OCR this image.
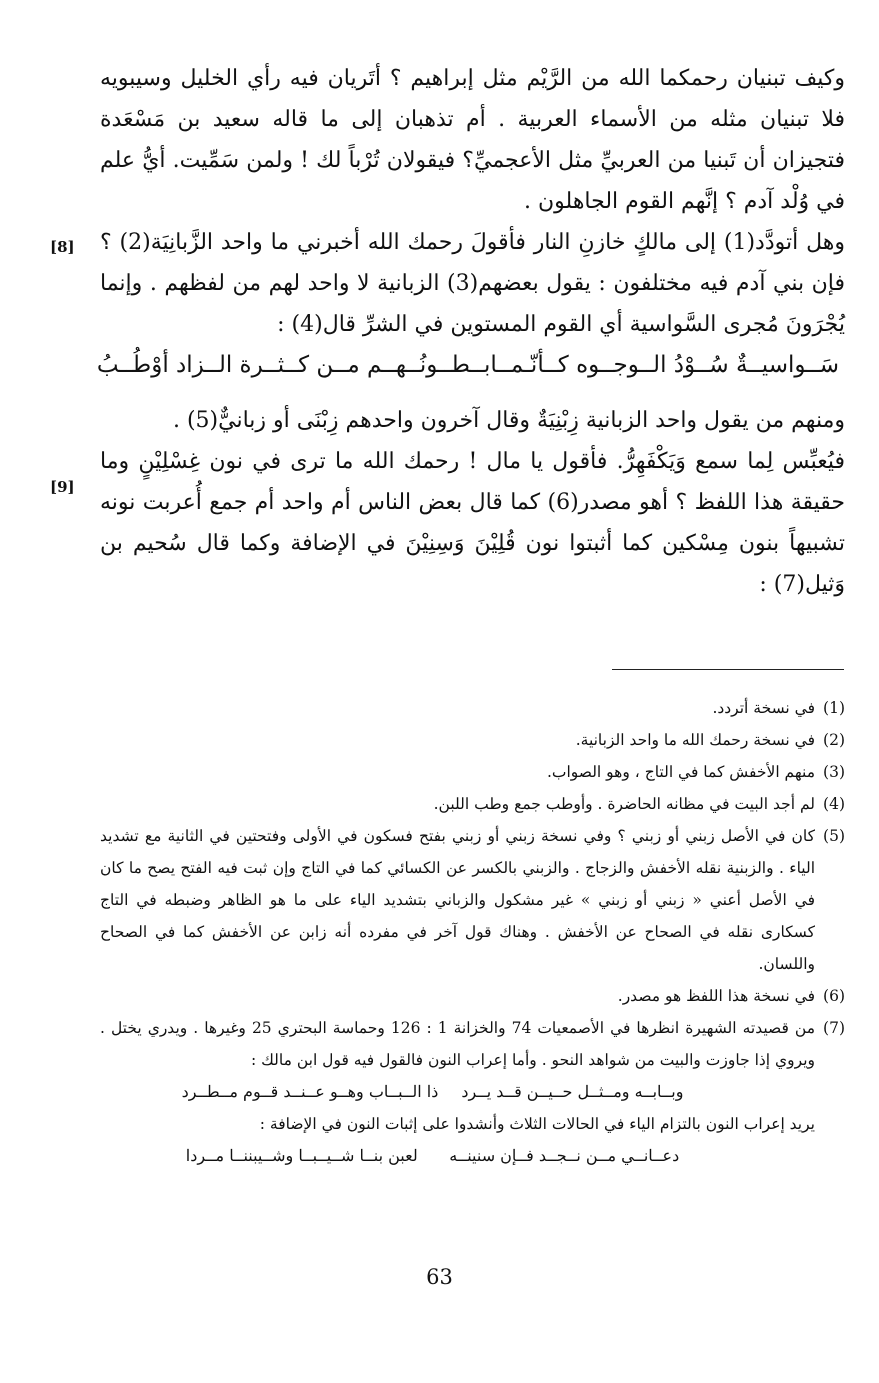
[8]
[9]

وكيف تبنيان رحمكما الله من الرَّيْم مثل إبراهيم ؟ أتَريان فيه رأي الخليل وسيبويه فلا تبنيان مثله من الأسماء العربية . أم تذهبان إلى ما قاله سعيد بن مَسْعَدة فتجيزان أن تَبنيا من العربيِّ مثل الأعجميِّ؟ فيقولان تُرْباً لك ! ولمن سَمِّيت. أيُّ علم في وُلْد آدم ؟ إنَّهم القوم الجاهلون .

وهل أتودَّد(1) إلى مالكٍ خازنِ النار فأقولَ رحمك الله أخبرني ما واحد الزَّبانِيَة(2) ؟ فإن بني آدم فيه مختلفون : يقول بعضهم(3) الزبانية لا واحد لهم من لفظهم . وإنما يُجْرَونَ مُجرى السَّواسية أي القوم المستوين في الشرِّ قال(4) :

سَــواسيــةٌ سُــوْدُ الــوجــوه كــأنّـمــا
بــطــونُــهــم مــن كــثــرة الــزاد أوْطُــبُ

ومنهم من يقول واحد الزبانية زِبْنِيَةٌ وقال آخرون واحدهم زِبْنَى أو زبانيٌّ(5) .

فيُعبِّس لِما سمع وَيَكْفَهِرُّ. فأقول يا مال ! رحمك الله ما ترى في نون غِسْلِيْنٍ وما حقيقة هذا اللفظ ؟ أهو مصدر(6) كما قال بعض الناس أم واحد أم جمع أُعربت نونه تشبيهاً بنون مِسْكين كما أثبتوا نون قُلِيْنَ وَسِنِيْنَ في الإضافة وكما قال سُحيم بن وَثيل(7) :

(1)
في نسخة أتردد.
(2)
في نسخة رحمك الله ما واحد الزبانية.
(3)
منهم الأخفش كما في التاج ، وهو الصواب.
(4)
لم أجد البيت في مظانه الحاضرة . وأوطب جمع وطب اللبن.
(5)
كان في الأصل زبني أو زبني ؟ وفي نسخة زبني أو زبني بفتح فسكون في الأولى وفتحتين في الثانية مع تشديد الياء . والزبنية نقله الأخفش والزجاج . والزبني بالكسر عن الكسائي كما في التاج وإن ثبت فيه الفتح يصح ما كان في الأصل أعني « زبني أو زبني » غير مشكول والزباني بتشديد الياء على ما هو الظاهر وضبطه في التاج كسكارى نقله في الصحاح عن الأخفش . وهناك قول آخر في مفرده أنه زابن عن الأخفش كما في الصحاح واللسان.
(6)
في نسخة هذا اللفظ هو مصدر.
(7)
من قصيدته الشهيرة انظرها في الأصمعيات 74 والخزانة 1 : 126 وحماسة البحتري 25 وغيرها . ويدري يختل . ويروي إذا جاوزت والبيت من شواهد النحو . وأما إعراب النون فالقول فيه قول ابن مالك :
وبــابــه ومــثــل حــيــن قــد يــرد
ذا الــبــاب وهــو عــنــد قــوم مــطــرد
يريد إعراب النون بالتزام الياء في الحالات الثلاث وأنشدوا على إثبات النون في الإضافة :
دعــانــي مــن نــجــد فــإن سنينــه
لعبن بنــا شــيــبــا وشــيبننــا مــردا
63
